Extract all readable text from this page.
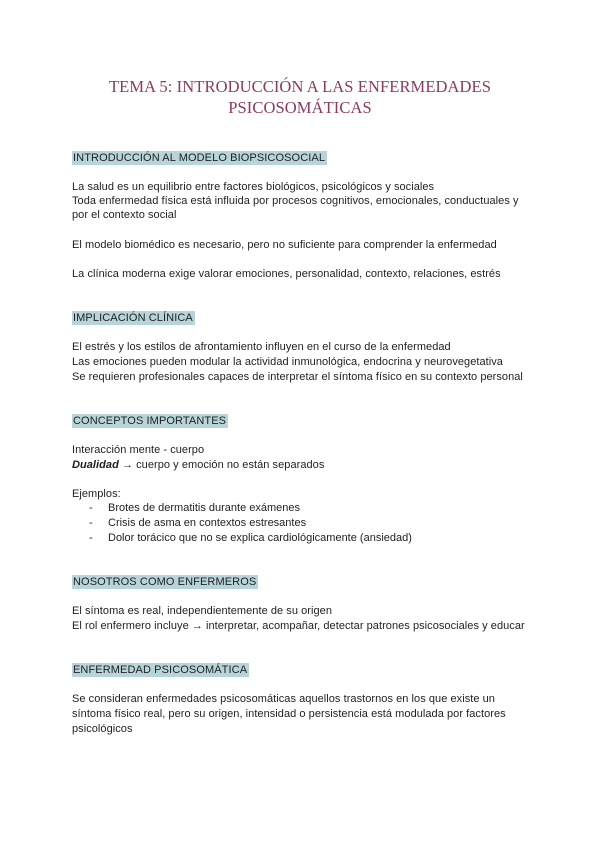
TEMA 5: INTRODUCCIÓN A LAS ENFERMEDADES
PSICOSOMÁTICAS
INTRODUCCIÓN AL MODELO BIOPSICOSOCIAL
La salud es un equilibrio entre factores biológicos, psicológicos y sociales
Toda enfermedad física está influida por procesos cognitivos, emocionales, conductuales y
por el contexto social
El modelo biomédico es necesario, pero no suficiente para comprender la enfermedad
La clínica moderna exige valorar emociones, personalidad, contexto, relaciones, estrés
IMPLICACIÓN CLÍNICA
El estrés y los estilos de afrontamiento influyen en el curso de la enfermedad
Las emociones pueden modular la actividad inmunológica, endocrina y neurovegetativa
Se requieren profesionales capaces de interpretar el síntoma físico en su contexto personal
CONCEPTOS IMPORTANTES
Interacción mente - cuerpo
Dualidad → cuerpo y emoción no están separados
Ejemplos:
- Brotes de dermatitis durante exámenes
- Crisis de asma en contextos estresantes
- Dolor torácico que no se explica cardiológicamente (ansiedad)
NOSOTROS COMO ENFERMEROS
El síntoma es real, independientemente de su origen
El rol enfermero incluye → interpretar, acompañar, detectar patrones psicosociales y educar
ENFERMEDAD PSICOSOMÁTICA
Se consideran enfermedades psicosomáticas aquellos trastornos en los que existe un
síntoma físico real, pero su origen, intensidad o persistencia está modulada por factores
psicológicos
